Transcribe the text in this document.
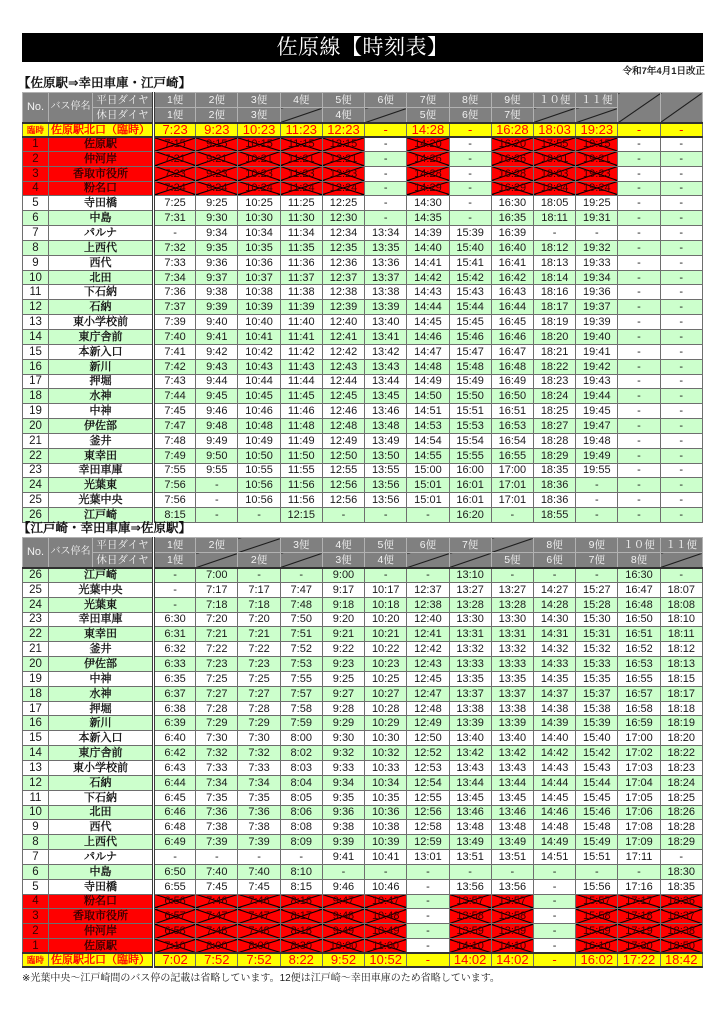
佐原線【時刻表】
令和7年4月1日改正
【佐原駅⇒幸田車庫・江戸崎】
No.	バス停名	平日ダイヤ	1便	2便	3便	4便	5便	6便	7便	8便	9便	１０便	１１便		
		休日ダイヤ	1便	2便	3便		4便		5便	6便	7便				
臨時	佐原駅北口（臨時）		7:23	9:23	10:23	11:23	12:23	-	14:28	-	16:28	18:03	19:23	-	-
1	佐原駅		7:15	9:15	10:15	11:15	12:15	-	14:20	-	16:20	17:55	19:15	-	-
2	仲河岸		7:21	9:21	10:21	11:21	12:21	-	14:26	-	16:26	18:01	19:21	-	-
3	香取市役所		7:23	9:23	10:23	11:23	12:23	-	14:28	-	16:28	18:03	19:23	-	-
4	粉名口		7:24	9:24	10:24	11:24	12:24	-	14:29	-	16:29	18:04	19:24	-	-
5	寺田橋		7:25	9:25	10:25	11:25	12:25	-	14:30	-	16:30	18:05	19:25	-	-
6	中島		7:31	9:30	10:30	11:30	12:30	-	14:35	-	16:35	18:11	19:31	-	-
7	パルナ		-	9:34	10:34	11:34	12:34	13:34	14:39	15:39	16:39	-	-	-	-
8	上西代		7:32	9:35	10:35	11:35	12:35	13:35	14:40	15:40	16:40	18:12	19:32	-	-
9	西代		7:33	9:36	10:36	11:36	12:36	13:36	14:41	15:41	16:41	18:13	19:33	-	-
10	北田		7:34	9:37	10:37	11:37	12:37	13:37	14:42	15:42	16:42	18:14	19:34	-	-
11	下石納		7:36	9:38	10:38	11:38	12:38	13:38	14:43	15:43	16:43	18:16	19:36	-	-
12	石納		7:37	9:39	10:39	11:39	12:39	13:39	14:44	15:44	16:44	18:17	19:37	-	-
13	東小学校前		7:39	9:40	10:40	11:40	12:40	13:40	14:45	15:45	16:45	18:19	19:39	-	-
14	東庁舎前		7:40	9:41	10:41	11:41	12:41	13:41	14:46	15:46	16:46	18:20	19:40	-	-
15	本新入口		7:41	9:42	10:42	11:42	12:42	13:42	14:47	15:47	16:47	18:21	19:41	-	-
16	新川		7:42	9:43	10:43	11:43	12:43	13:43	14:48	15:48	16:48	18:22	19:42	-	-
17	押堀		7:43	9:44	10:44	11:44	12:44	13:44	14:49	15:49	16:49	18:23	19:43	-	-
18	水神		7:44	9:45	10:45	11:45	12:45	13:45	14:50	15:50	16:50	18:24	19:44	-	-
19	中神		7:45	9:46	10:46	11:46	12:46	13:46	14:51	15:51	16:51	18:25	19:45	-	-
20	伊佐部		7:47	9:48	10:48	11:48	12:48	13:48	14:53	15:53	16:53	18:27	19:47	-	-
21	釜井		7:48	9:49	10:49	11:49	12:49	13:49	14:54	15:54	16:54	18:28	19:48	-	-
22	東幸田		7:49	9:50	10:50	11:50	12:50	13:50	14:55	15:55	16:55	18:29	19:49	-	-
23	幸田車庫		7:55	9:55	10:55	11:55	12:55	13:55	15:00	16:00	17:00	18:35	19:55	-	-
24	光葉東		7:56	-	10:56	11:56	12:56	13:56	15:01	16:01	17:01	18:36	-	-	-
25	光葉中央		7:56	-	10:56	11:56	12:56	13:56	15:01	16:01	17:01	18:36	-	-	-
26	江戸崎		8:15	-	-	12:15	-	-	-	16:20	-	18:55	-	-	-
【江戸崎・幸田車庫⇒佐原駅】
No.	バス停名	平日ダイヤ	1便	2便		3便	4便	5便	6便	7便		8便	9便	１０便	１１便
		休日ダイヤ	1便		2便		3便	4便			5便	6便	7便	8便	
26	江戸崎		-	7:00	-	-	9:00	-	-	13:10	-	-	-	16:30	-
25	光葉中央		-	7:17	7:17	7:47	9:17	10:17	12:37	13:27	13:27	14:27	15:27	16:47	18:07
24	光葉東		-	7:18	7:18	7:48	9:18	10:18	12:38	13:28	13:28	14:28	15:28	16:48	18:08
23	幸田車庫		6:30	7:20	7:20	7:50	9:20	10:20	12:40	13:30	13:30	14:30	15:30	16:50	18:10
22	東幸田		6:31	7:21	7:21	7:51	9:21	10:21	12:41	13:31	13:31	14:31	15:31	16:51	18:11
21	釜井		6:32	7:22	7:22	7:52	9:22	10:22	12:42	13:32	13:32	14:32	15:32	16:52	18:12
20	伊佐部		6:33	7:23	7:23	7:53	9:23	10:23	12:43	13:33	13:33	14:33	15:33	16:53	18:13
19	中神		6:35	7:25	7:25	7:55	9:25	10:25	12:45	13:35	13:35	14:35	15:35	16:55	18:15
18	水神		6:37	7:27	7:27	7:57	9:27	10:27	12:47	13:37	13:37	14:37	15:37	16:57	18:17
17	押堀		6:38	7:28	7:28	7:58	9:28	10:28	12:48	13:38	13:38	14:38	15:38	16:58	18:18
16	新川		6:39	7:29	7:29	7:59	9:29	10:29	12:49	13:39	13:39	14:39	15:39	16:59	18:19
15	本新入口		6:40	7:30	7:30	8:00	9:30	10:30	12:50	13:40	13:40	14:40	15:40	17:00	18:20
14	東庁舎前		6:42	7:32	7:32	8:02	9:32	10:32	12:52	13:42	13:42	14:42	15:42	17:02	18:22
13	東小学校前		6:43	7:33	7:33	8:03	9:33	10:33	12:53	13:43	13:43	14:43	15:43	17:03	18:23
12	石納		6:44	7:34	7:34	8:04	9:34	10:34	12:54	13:44	13:44	14:44	15:44	17:04	18:24
11	下石納		6:45	7:35	7:35	8:05	9:35	10:35	12:55	13:45	13:45	14:45	15:45	17:05	18:25
10	北田		6:46	7:36	7:36	8:06	9:36	10:36	12:56	13:46	13:46	14:46	15:46	17:06	18:26
9	西代		6:48	7:38	7:38	8:08	9:38	10:38	12:58	13:48	13:48	14:48	15:48	17:08	18:28
8	上西代		6:49	7:39	7:39	8:09	9:39	10:39	12:59	13:49	13:49	14:49	15:49	17:09	18:29
7	パルナ		-	-	-	-	9:41	10:41	13:01	13:51	13:51	14:51	15:51	17:11	-
6	中島		6:50	7:40	7:40	8:10	-	-	-	-	-	-	-	-	18:30
5	寺田橋		6:55	7:45	7:45	8:15	9:46	10:46	-	13:56	13:56	-	15:56	17:16	18:35
4	粉名口		6:56	7:46	7:46	8:16	9:47	10:47	-	13:57	13:57	-	15:57	17:17	18:36
3	香取市役所		6:57	7:47	7:47	8:17	9:48	10:48	-	13:58	13:58	-	15:58	17:18	18:37
2	仲河岸		6:58	7:48	7:48	8:18	9:49	10:49	-	13:59	13:59	-	15:59	17:19	18:38
1	佐原駅		7:10	8:00	8:00	8:30	10:00	11:00	-	14:10	14:10	-	16:10	17:30	18:50
臨時	佐原駅北口（臨時）		7:02	7:52	7:52	8:22	9:52	10:52	-	14:02	14:02	-	16:02	17:22	18:42
※光葉中央～江戸崎間のバス停の記載は省略しています。12便は江戸崎～幸田車庫のため省略しています。
